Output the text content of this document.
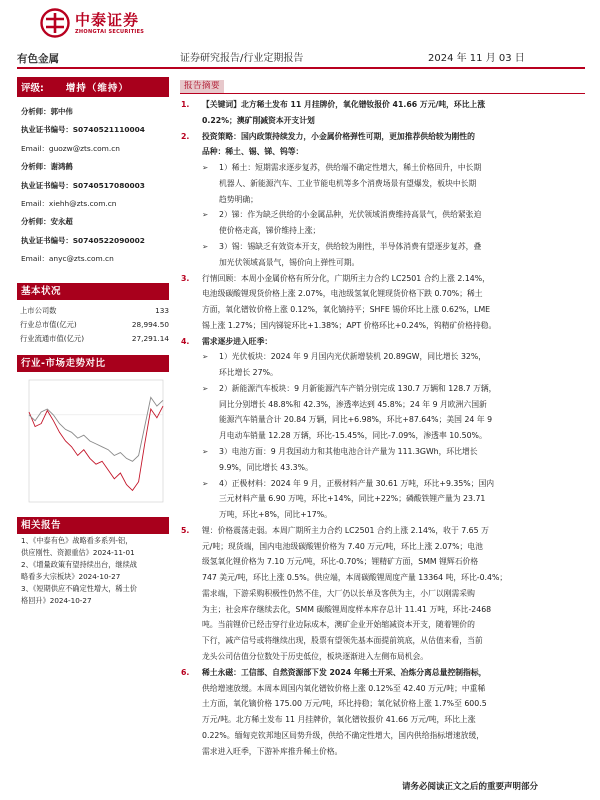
中泰证券
ZHONGTAI SECURITIES
有色金属	证券研究报告/行业定期报告	2024 年 11 月 03 日
评级: 增持（维持）
分析师：郭中伟
执业证书编号：S0740521110004
Email：guozw@zts.com.cn
分析师：谢鸿鹤
执业证书编号：S0740517080003
Email：xiehh@zts.com.cn
分析师：安永超
执业证书编号：S0740522090002
Email：anyc@zts.com.cn
基本状况
上市公司数	133
行业总市值(亿元)	28,994.50
行业流通市值(亿元)	27,291.14
行业-市场走势对比
相关报告
1、《中泰有色》战略看多系列-铝，
供应刚性、资源重估》2024-11-01
2、《增量政策有望持续出台，继续战
略看多大宗板块》2024-10-27
3、《短期供应不确定性增大，稀土价
格回升》2024-10-27
报告摘要
1. 【关键词】北方稀土发布 11 月挂牌价，氧化镨钕报价 41.66 万元/吨，环比上涨
0.22%；澳矿削减资本开支计划
2. 投资策略：国内政策持续发力，小金属价格弹性可期，更加推荐供给较为刚性的
品种：稀土、锡、锑、钨等：
➢ 1）稀土：短期需求逐步复苏，供给端不确定性增大，稀土价格回升，中长期
机器人、新能源汽车、工业节能电机等多个消费场景有望爆发，板块中长期
趋势明确；
➢ 2）锑：作为缺乏供给的小金属品种，光伏领域消费维持高景气，供给紧张迫
使价格走高，锑价维持上涨；
➢ 3）锡：锡缺乏有效资本开支，供给较为刚性，半导体消费有望逐步复苏，叠
加光伏领域高景气，锡价向上弹性可期。
3. 行情回顾：本周小金属价格有所分化，广期所主力合约 LC2501 合约上涨 2.14%，
电池级碳酸锂现货价格上涨 2.07%，电池级氢氧化锂现货价格下跌 0.70%；稀土
方面，氧化镨钕价格上涨 0.12%，氧化镝持平；SHFE 锡价环比上涨 0.62%，LME
锡上涨 1.27%；国内锑锭环比+1.38%；APT 价格环比+0.24%，钨精矿价格持稳。
4. 需求逐步进入旺季：
➢ 1）光伏板块：2024 年 9 月国内光伏新增装机 20.89GW，同比增长 32%，
环比增长 27%。
➢ 2）新能源汽车板块：9 月新能源汽车产销分别完成 130.7 万辆和 128.7 万辆，
同比分别增长 48.8%和 42.3%，渗透率达到 45.8%；24 年 9 月欧洲六国新
能源汽车销量合计 20.84 万辆，同比+6.98%，环比+87.64%；美国 24 年 9
月电动车销量 12.28 万辆，环比-15.45%，同比-7.09%，渗透率 10.50%。
➢ 3）电池方面：9 月我国动力和其他电池合计产量为 111.3GWh，环比增长
9.9%，同比增长 43.3%。
➢ 4）正极材料：2024 年 9 月，正极材料产量 30.61 万吨，环比+9.35%；国内
三元材料产量 6.90 万吨，环比+14%，同比+22%；磷酸铁锂产量为 23.71
万吨，环比+8%，同比+17%。
5. 锂：价格震荡走弱。本周广期所主力合约 LC2501 合约上涨 2.14%，收于 7.65 万
元/吨；现货端，国内电池级碳酸锂价格为 7.40 万元/吨，环比上涨 2.07%；电池
级氢氧化锂价格为 7.10 万元/吨，环比-0.70%；锂精矿方面，SMM 锂辉石价格
747 美元/吨，环比上涨 0.5%。供应端，本周碳酸锂周度产量 13364 吨，环比-0.4%；
需求端，下游采购积极性仍然不佳，大厂仍以长单及客供为主，小厂以刚需采购
为主；社会库存继续去化，SMM 碳酸锂周度样本库存总计 11.41 万吨，环比-2468
吨。当前锂价已经击穿行业边际成本，澳矿企业开始缩减资本开支，随着锂价的
下行，减产信号或将继续出现，股票有望领先基本面提前筑底，从估值来看，当前
龙头公司估值分位数处于历史低位，板块逐渐进入左侧布局机会。
6. 稀土永磁：工信部、自然资源部下发 2024 年稀土开采、冶炼分离总量控制指标，
供给增速放缓。本周本周国内氧化镨钕价格上涨 0.12%至 42.40 万元/吨；中重稀
土方面，氧化镝价格 175.00 万元/吨，环比持稳；氧化铽价格上涨 1.7%至 600.5
万元/吨。北方稀土发布 11 月挂牌价，氧化镨钕报价 41.66 万元/吨，环比上涨
0.22%。缅甸克钦邦地区局势升级，供给不确定性增大，国内供给指标增速放缓，
需求进入旺季，下游补库推升稀土价格。
请务必阅读正文之后的重要声明部分
